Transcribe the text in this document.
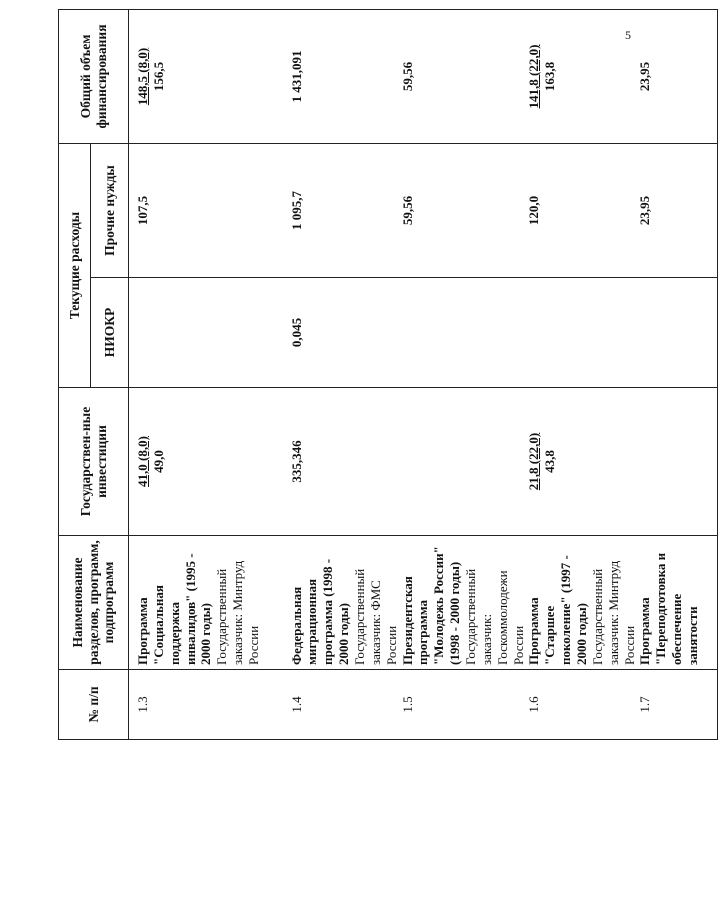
5
№ п/п	Наименование разделов, программ, подпрограмм	Государствен-ные инвестиции	Текущие расходы		Общий объем финансирования
			НИОКР	Прочие нужды	
1.3	Программа "Социальная поддержка инвалидов" (1995 - 2000 годы) Государственный заказчик: Минтруд России	41,0 (8,0) 49,0		107,5	148,5 (8,0) 156,5

1.4	Федеральная миграционная программа (1998 - 2000 годы) Государственный заказчик: ФМС России	335,346	0,045	1 095,7	1 431,091

1.5	Президентская программа "Молодежь России" (1998 - 2000 годы) Государственный заказчик: Госкоммолодежи России			59,56	59,56

1.6	Программа "Старшее поколение" (1997 - 2000 годы) Государственный заказчик: Минтруд России	21,8 (22,0) 43,8		120,0	141,8 (22,0) 163,8

1.7	Программа "Переподготовка и обеспечение занятости			23,95	23,95
